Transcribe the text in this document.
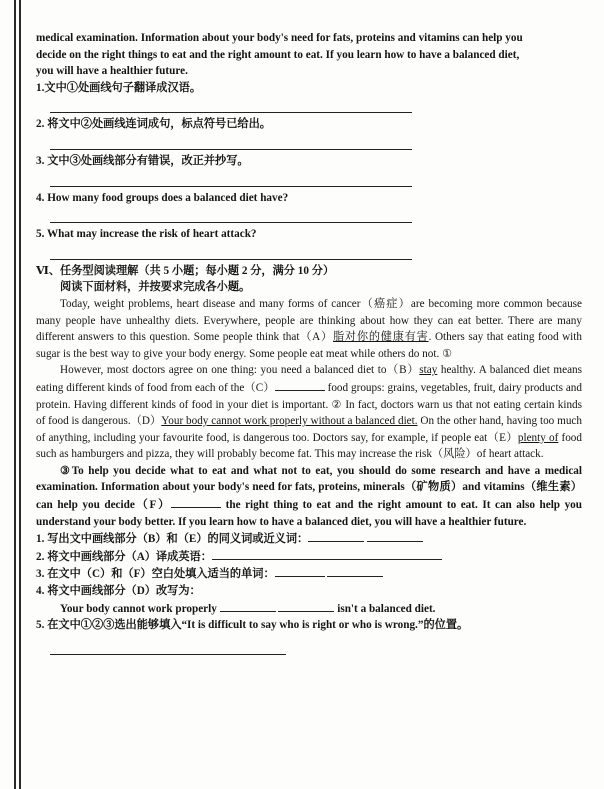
medical examination. Information about your body's need for fats, proteins and vitamins can help you

decide on the right things to eat and the right amount to eat. If you learn how to have a balanced diet,

you will have a healthier future.

1.文中①处画线句子翻译成汉语。

2. 将文中②处画线连词成句，标点符号已给出。

3. 文中③处画线部分有错误，改正并抄写。

4. How many food groups does a balanced diet have?

5. What may increase the risk of heart attack?

Ⅵ、任务型阅读理解（共 5 小题；每小题 2 分，满分 10 分）

阅读下面材料，并按要求完成各小题。

Today, weight problems, heart disease and many forms of cancer（癌症）are becoming more common because many people have unhealthy diets. Everywhere, people are thinking about how they can eat better. There are many different answers to this question. Some people think that（A）脂对你的健康有害. Others say that eating food with sugar is the best way to give your body energy. Some people eat meat while others do not. ①

However, most doctors agree on one thing: you need a balanced diet to（B）stay healthy. A balanced diet means eating different kinds of food from each of the（C）	food groups: grains, vegetables, fruit, dairy products and protein. Having different kinds of food in your diet is important. ② In fact, doctors warn us that not eating certain kinds of food is dangerous.（D）Your body cannot work properly without a balanced diet. On the other hand, having too much of anything, including your favourite food, is dangerous too. Doctors say, for example, if people eat（E）plenty of food such as hamburgers and pizza, they will probably become fat. This may increase the risk（风险）of heart attack.

③To help you decide what to eat and what not to eat, you should do some research and have a medical examination. Information about your body's need for fats, proteins, minerals（矿物质）and vitamins（维生素）can help you decide（F）	the right thing to eat and the right amount to eat. It can also help you understand your body better. If you learn how to have a balanced diet, you will have a healthier future.

1. 写出文中画线部分（B）和（E）的同义词或近义词：

2. 将文中画线部分（A）译成英语：

3. 在文中（C）和（F）空白处填入适当的单词：

4. 将文中画线部分（D）改写为：

Your body cannot work properly	isn't a balanced diet.

5. 在文中①②③选出能够填入“It is difficult to say who is right or who is wrong.”的位置。
